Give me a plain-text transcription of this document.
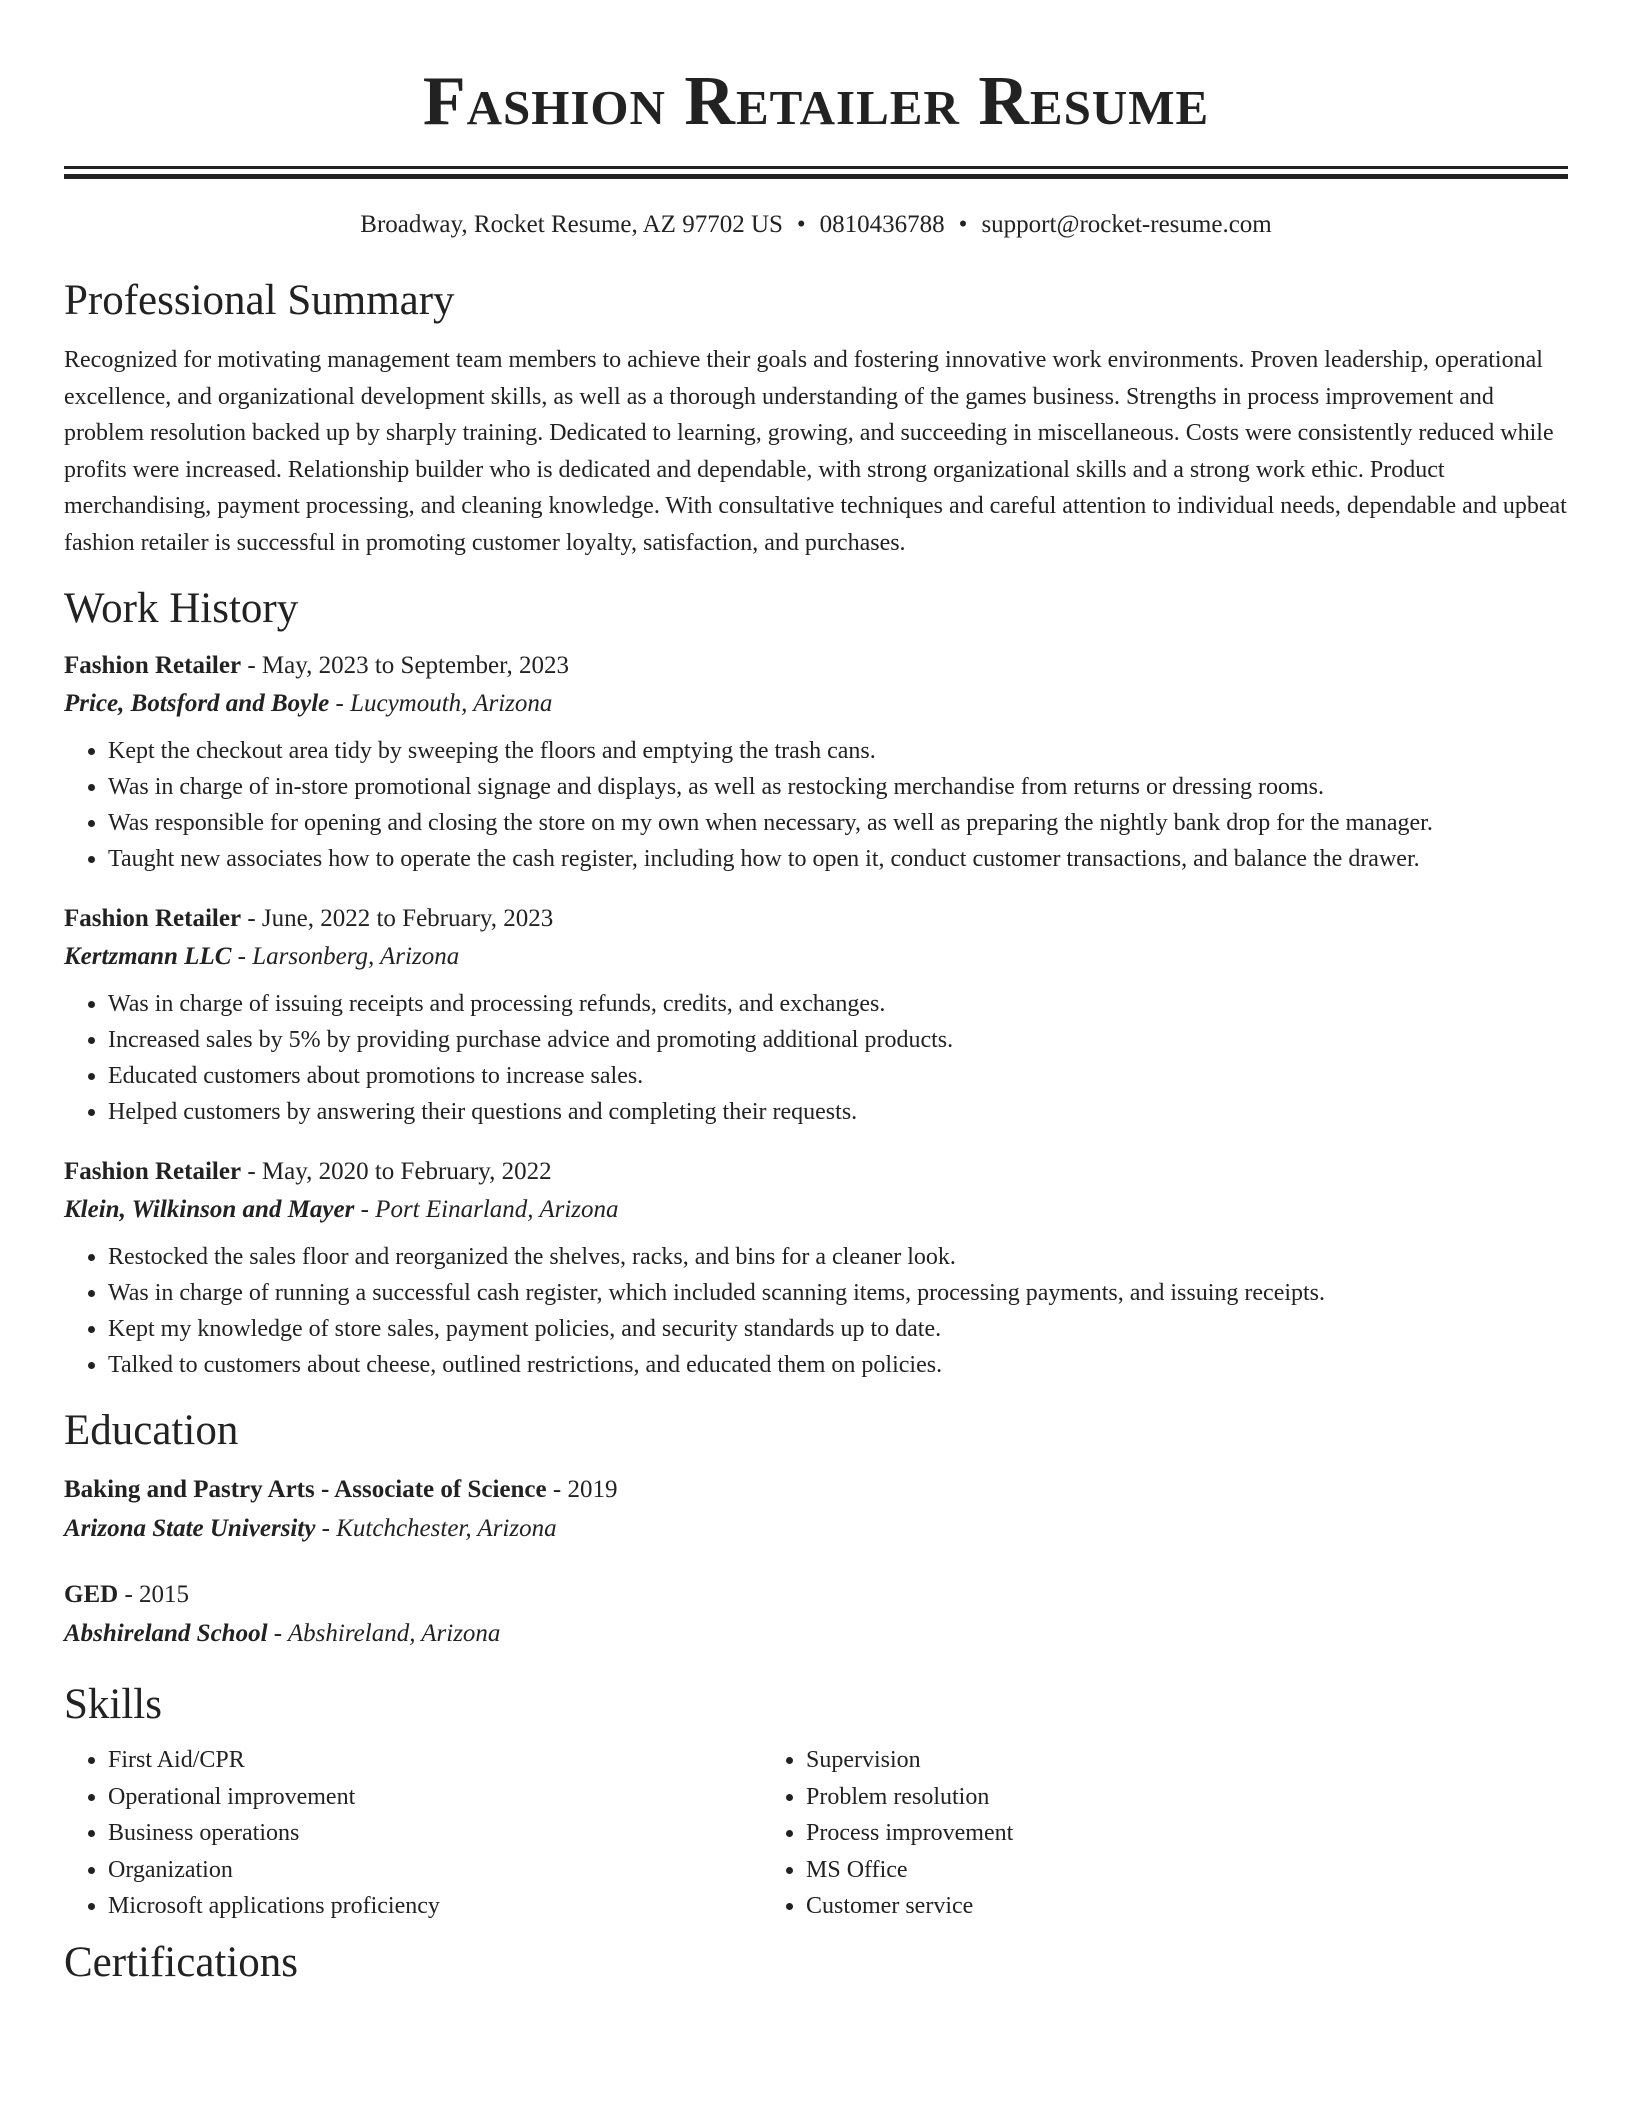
Fashion Retailer Resume
Broadway, Rocket Resume, AZ 97702 US • 0810436788 • support@rocket-resume.com
Professional Summary
Recognized for motivating management team members to achieve their goals and fostering innovative work environments. Proven leadership, operational excellence, and organizational development skills, as well as a thorough understanding of the games business. Strengths in process improvement and problem resolution backed up by sharply training. Dedicated to learning, growing, and succeeding in miscellaneous. Costs were consistently reduced while profits were increased. Relationship builder who is dedicated and dependable, with strong organizational skills and a strong work ethic. Product merchandising, payment processing, and cleaning knowledge. With consultative techniques and careful attention to individual needs, dependable and upbeat fashion retailer is successful in promoting customer loyalty, satisfaction, and purchases.
Work History
Fashion Retailer - May, 2023 to September, 2023
Price, Botsford and Boyle - Lucymouth, Arizona
• Kept the checkout area tidy by sweeping the floors and emptying the trash cans.
• Was in charge of in-store promotional signage and displays, as well as restocking merchandise from returns or dressing rooms.
• Was responsible for opening and closing the store on my own when necessary, as well as preparing the nightly bank drop for the manager.
• Taught new associates how to operate the cash register, including how to open it, conduct customer transactions, and balance the drawer.
Fashion Retailer - June, 2022 to February, 2023
Kertzmann LLC - Larsonberg, Arizona
• Was in charge of issuing receipts and processing refunds, credits, and exchanges.
• Increased sales by 5% by providing purchase advice and promoting additional products.
• Educated customers about promotions to increase sales.
• Helped customers by answering their questions and completing their requests.
Fashion Retailer - May, 2020 to February, 2022
Klein, Wilkinson and Mayer - Port Einarland, Arizona
• Restocked the sales floor and reorganized the shelves, racks, and bins for a cleaner look.
• Was in charge of running a successful cash register, which included scanning items, processing payments, and issuing receipts.
• Kept my knowledge of store sales, payment policies, and security standards up to date.
• Talked to customers about cheese, outlined restrictions, and educated them on policies.
Education
Baking and Pastry Arts - Associate of Science - 2019
Arizona State University - Kutchchester, Arizona
GED - 2015
Abshireland School - Abshireland, Arizona
Skills
• First Aid/CPR
• Operational improvement
• Business operations
• Organization
• Microsoft applications proficiency
• Supervision
• Problem resolution
• Process improvement
• MS Office
• Customer service
Certifications
